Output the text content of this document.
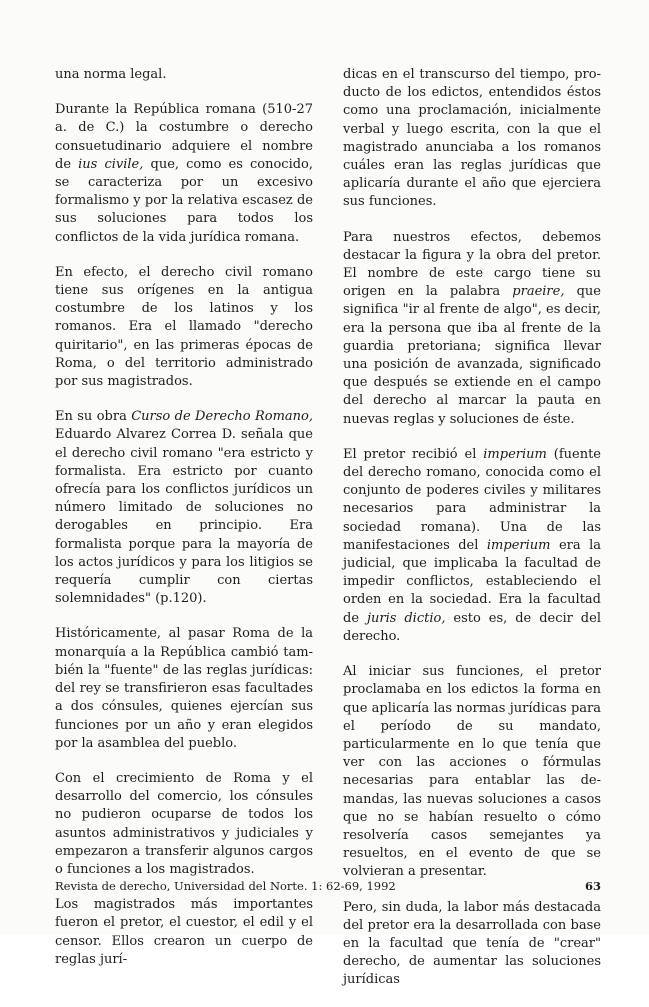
una norma legal.

Durante la República romana (510-27 a. de C.) la costumbre o derecho consuetudinario adquiere el nombre de ius civile, que, como es conocido, se caracteriza por un excesivo formalismo y por la relativa escasez de sus soluciones para todos los conflictos de la vida jurídica romana.

En efecto, el derecho civil romano tiene sus orígenes en la antigua costumbre de los latinos y los romanos. Era el llamado "derecho quiritario", en las primeras épocas de Roma, o del territorio administrado por sus magistrados.

En su obra Curso de Derecho Romano, Eduardo Alvarez Correa D. señala que el derecho civil romano "era estricto y formalista. Era estricto por cuanto ofrecía para los conflictos jurídicos un número limitado de soluciones no derogables en principio. Era formalista porque para la mayoría de los actos jurídicos y para los litigios se requería cumplir con ciertas solemnidades" (p.120).

Históricamente, al pasar Roma de la monarquía a la República cambió también la "fuente" de las reglas jurídicas: del rey se transfirieron esas facultades a dos cónsules, quienes ejercían sus funciones por un año y eran elegidos por la asamblea del pueblo.

Con el crecimiento de Roma y el desarrollo del comercio, los cónsules no pudieron ocuparse de todos los asuntos administrativos y judiciales y empezaron a transferir algunos cargos o funciones a los magistrados.

Los magistrados más importantes fueron el pretor, el cuestor, el edil y el censor. Ellos crearon un cuerpo de reglas jurí-

dicas en el transcurso del tiempo, producto de los edictos, entendidos éstos como una proclamación, inicialmente verbal y luego escrita, con la que el magistrado anunciaba a los romanos cuáles eran las reglas jurídicas que aplicaría durante el año que ejerciera sus funciones.

Para nuestros efectos, debemos destacar la figura y la obra del pretor. El nombre de este cargo tiene su origen en la palabra praeire, que significa "ir al frente de algo", es decir, era la persona que iba al frente de la guardia pretoriana; significa llevar una posición de avanzada, significado que después se extiende en el campo del derecho al marcar la pauta en nuevas reglas y soluciones de éste.

El pretor recibió el imperium (fuente del derecho romano, conocida como el conjunto de poderes civiles y militares necesarios para administrar la sociedad romana). Una de las manifestaciones del imperium era la judicial, que implicaba la facultad de impedir conflictos, estableciendo el orden en la sociedad. Era la facultad de juris dictio, esto es, de decir del derecho.

Al iniciar sus funciones, el pretor proclamaba en los edictos la forma en que aplicaría las normas jurídicas para el período de su mandato, particularmente en lo que tenía que ver con las acciones o fórmulas necesarias para entablar las demandas, las nuevas soluciones a casos que no se habían resuelto o cómo resolvería casos semejantes ya resueltos, en el evento de que se volvieran a presentar.

Pero, sin duda, la labor más destacada del pretor era la desarrollada con base en la facultad que tenía de "crear" derecho, de aumentar las soluciones jurídicas

Revista de derecho, Universidad del Norte. 1: 62-69, 1992	63
